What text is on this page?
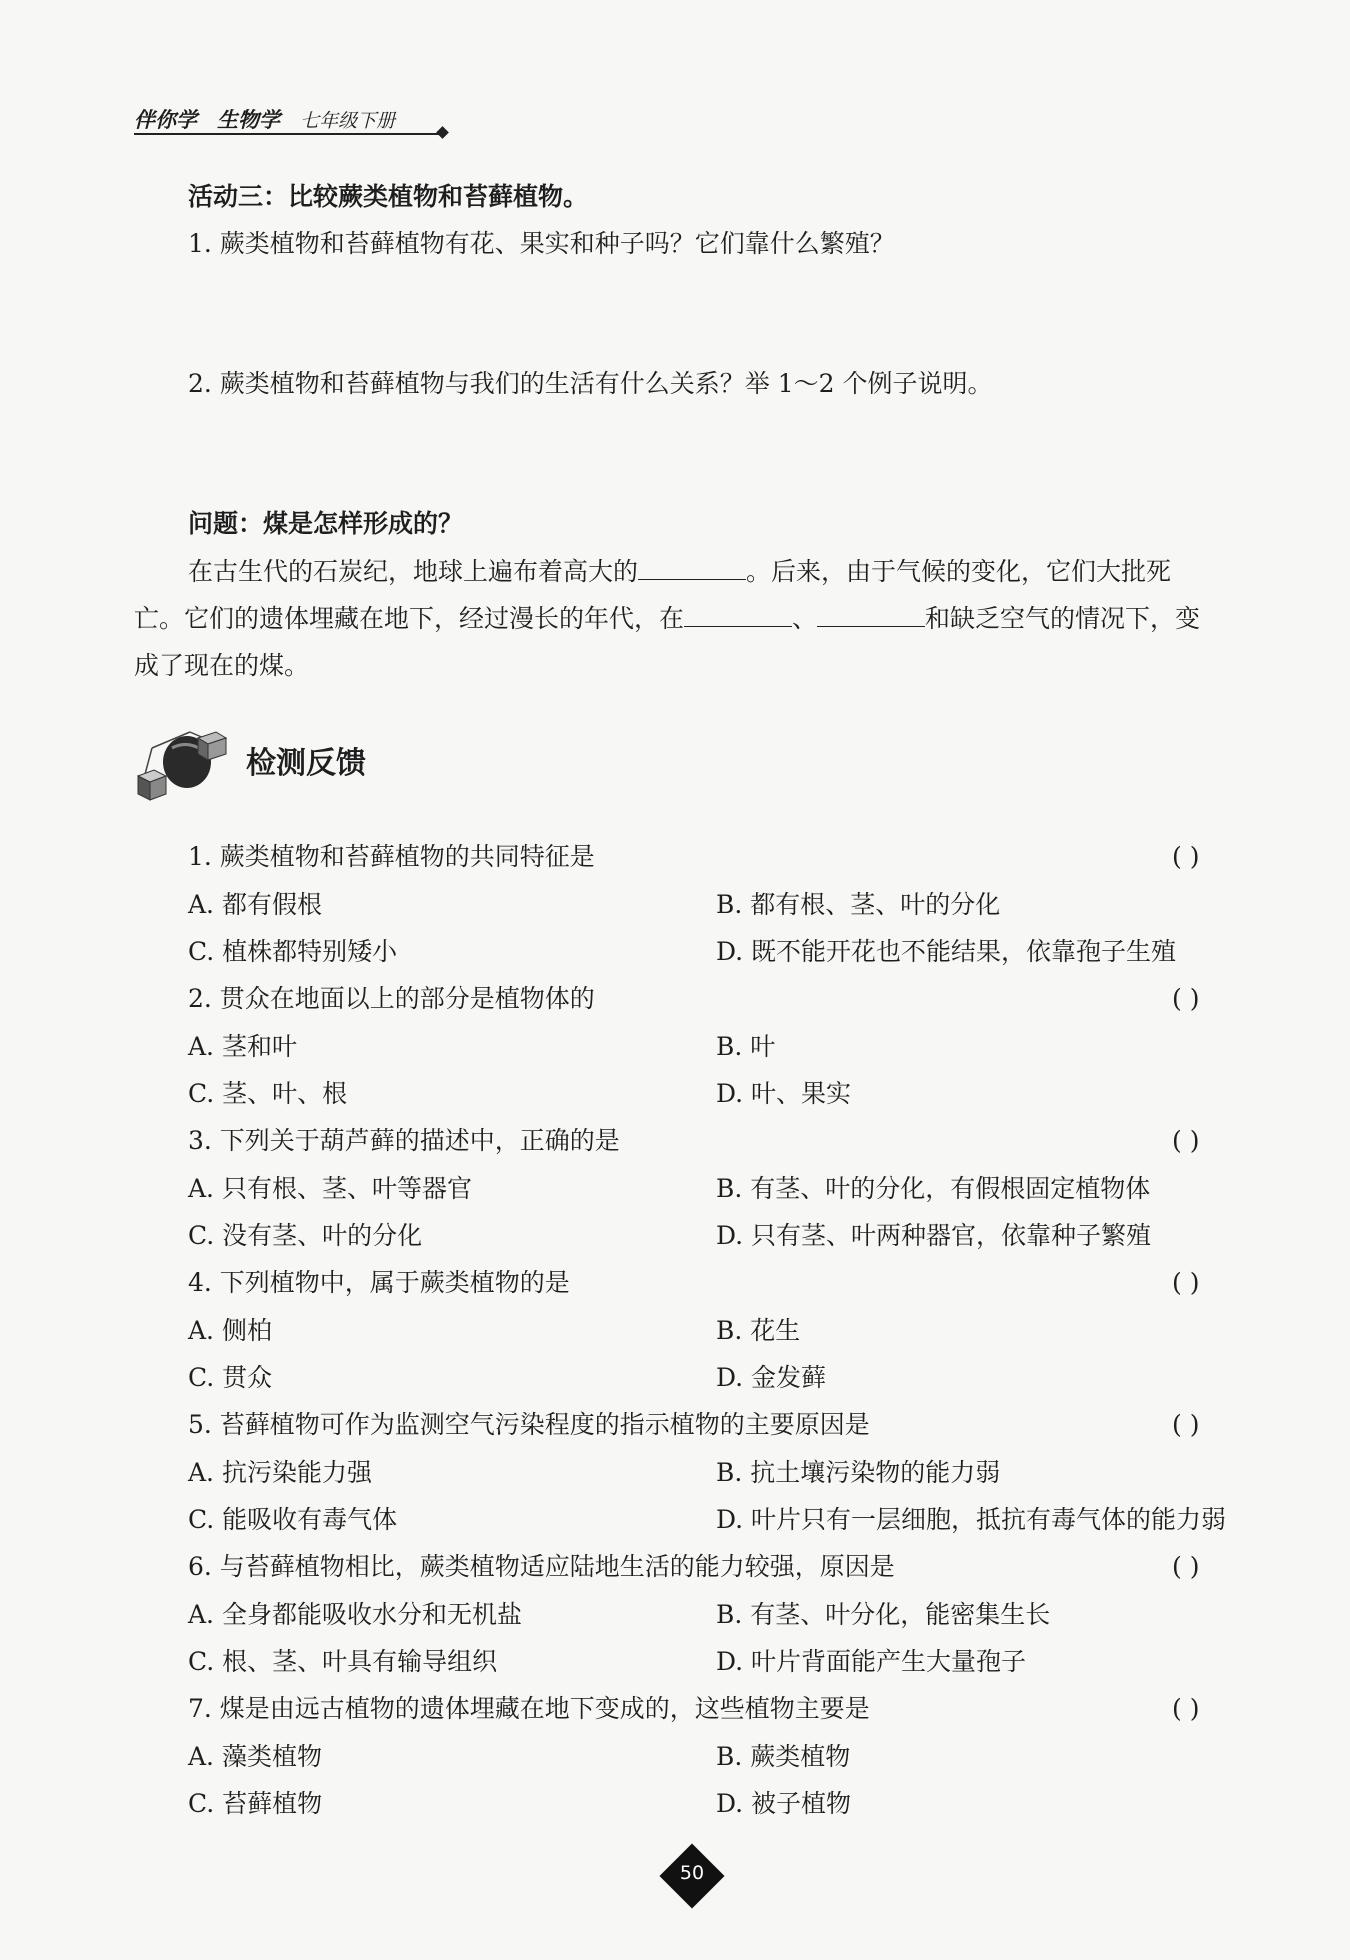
伴你学 生物学 七年级下册
活动三：比较蕨类植物和苔藓植物。
1. 蕨类植物和苔藓植物有花、果实和种子吗？它们靠什么繁殖？
2. 蕨类植物和苔藓植物与我们的生活有什么关系？举 1～2 个例子说明。
问题：煤是怎样形成的？
在古生代的石炭纪，地球上遍布着高大的	。后来，由于气候的变化，它们大批死
亡。它们的遗体埋藏在地下，经过漫长的年代，在	、	和缺乏空气的情况下，变
成了现在的煤。
检测反馈
1. 蕨类植物和苔藓植物的共同特征是	( )
A. 都有假根	B. 都有根、茎、叶的分化
C. 植株都特别矮小	D. 既不能开花也不能结果，依靠孢子生殖
2. 贯众在地面以上的部分是植物体的	( )
A. 茎和叶	B. 叶
C. 茎、叶、根	D. 叶、果实
3. 下列关于葫芦藓的描述中，正确的是	( )
A. 只有根、茎、叶等器官	B. 有茎、叶的分化，有假根固定植物体
C. 没有茎、叶的分化	D. 只有茎、叶两种器官，依靠种子繁殖
4. 下列植物中，属于蕨类植物的是	( )
A. 侧柏	B. 花生
C. 贯众	D. 金发藓
5. 苔藓植物可作为监测空气污染程度的指示植物的主要原因是	( )
A. 抗污染能力强	B. 抗土壤污染物的能力弱
C. 能吸收有毒气体	D. 叶片只有一层细胞，抵抗有毒气体的能力弱
6. 与苔藓植物相比，蕨类植物适应陆地生活的能力较强，原因是	( )
A. 全身都能吸收水分和无机盐	B. 有茎、叶分化，能密集生长
C. 根、茎、叶具有输导组织	D. 叶片背面能产生大量孢子
7. 煤是由远古植物的遗体埋藏在地下变成的，这些植物主要是	( )
A. 藻类植物	B. 蕨类植物
C. 苔藓植物	D. 被子植物
50
